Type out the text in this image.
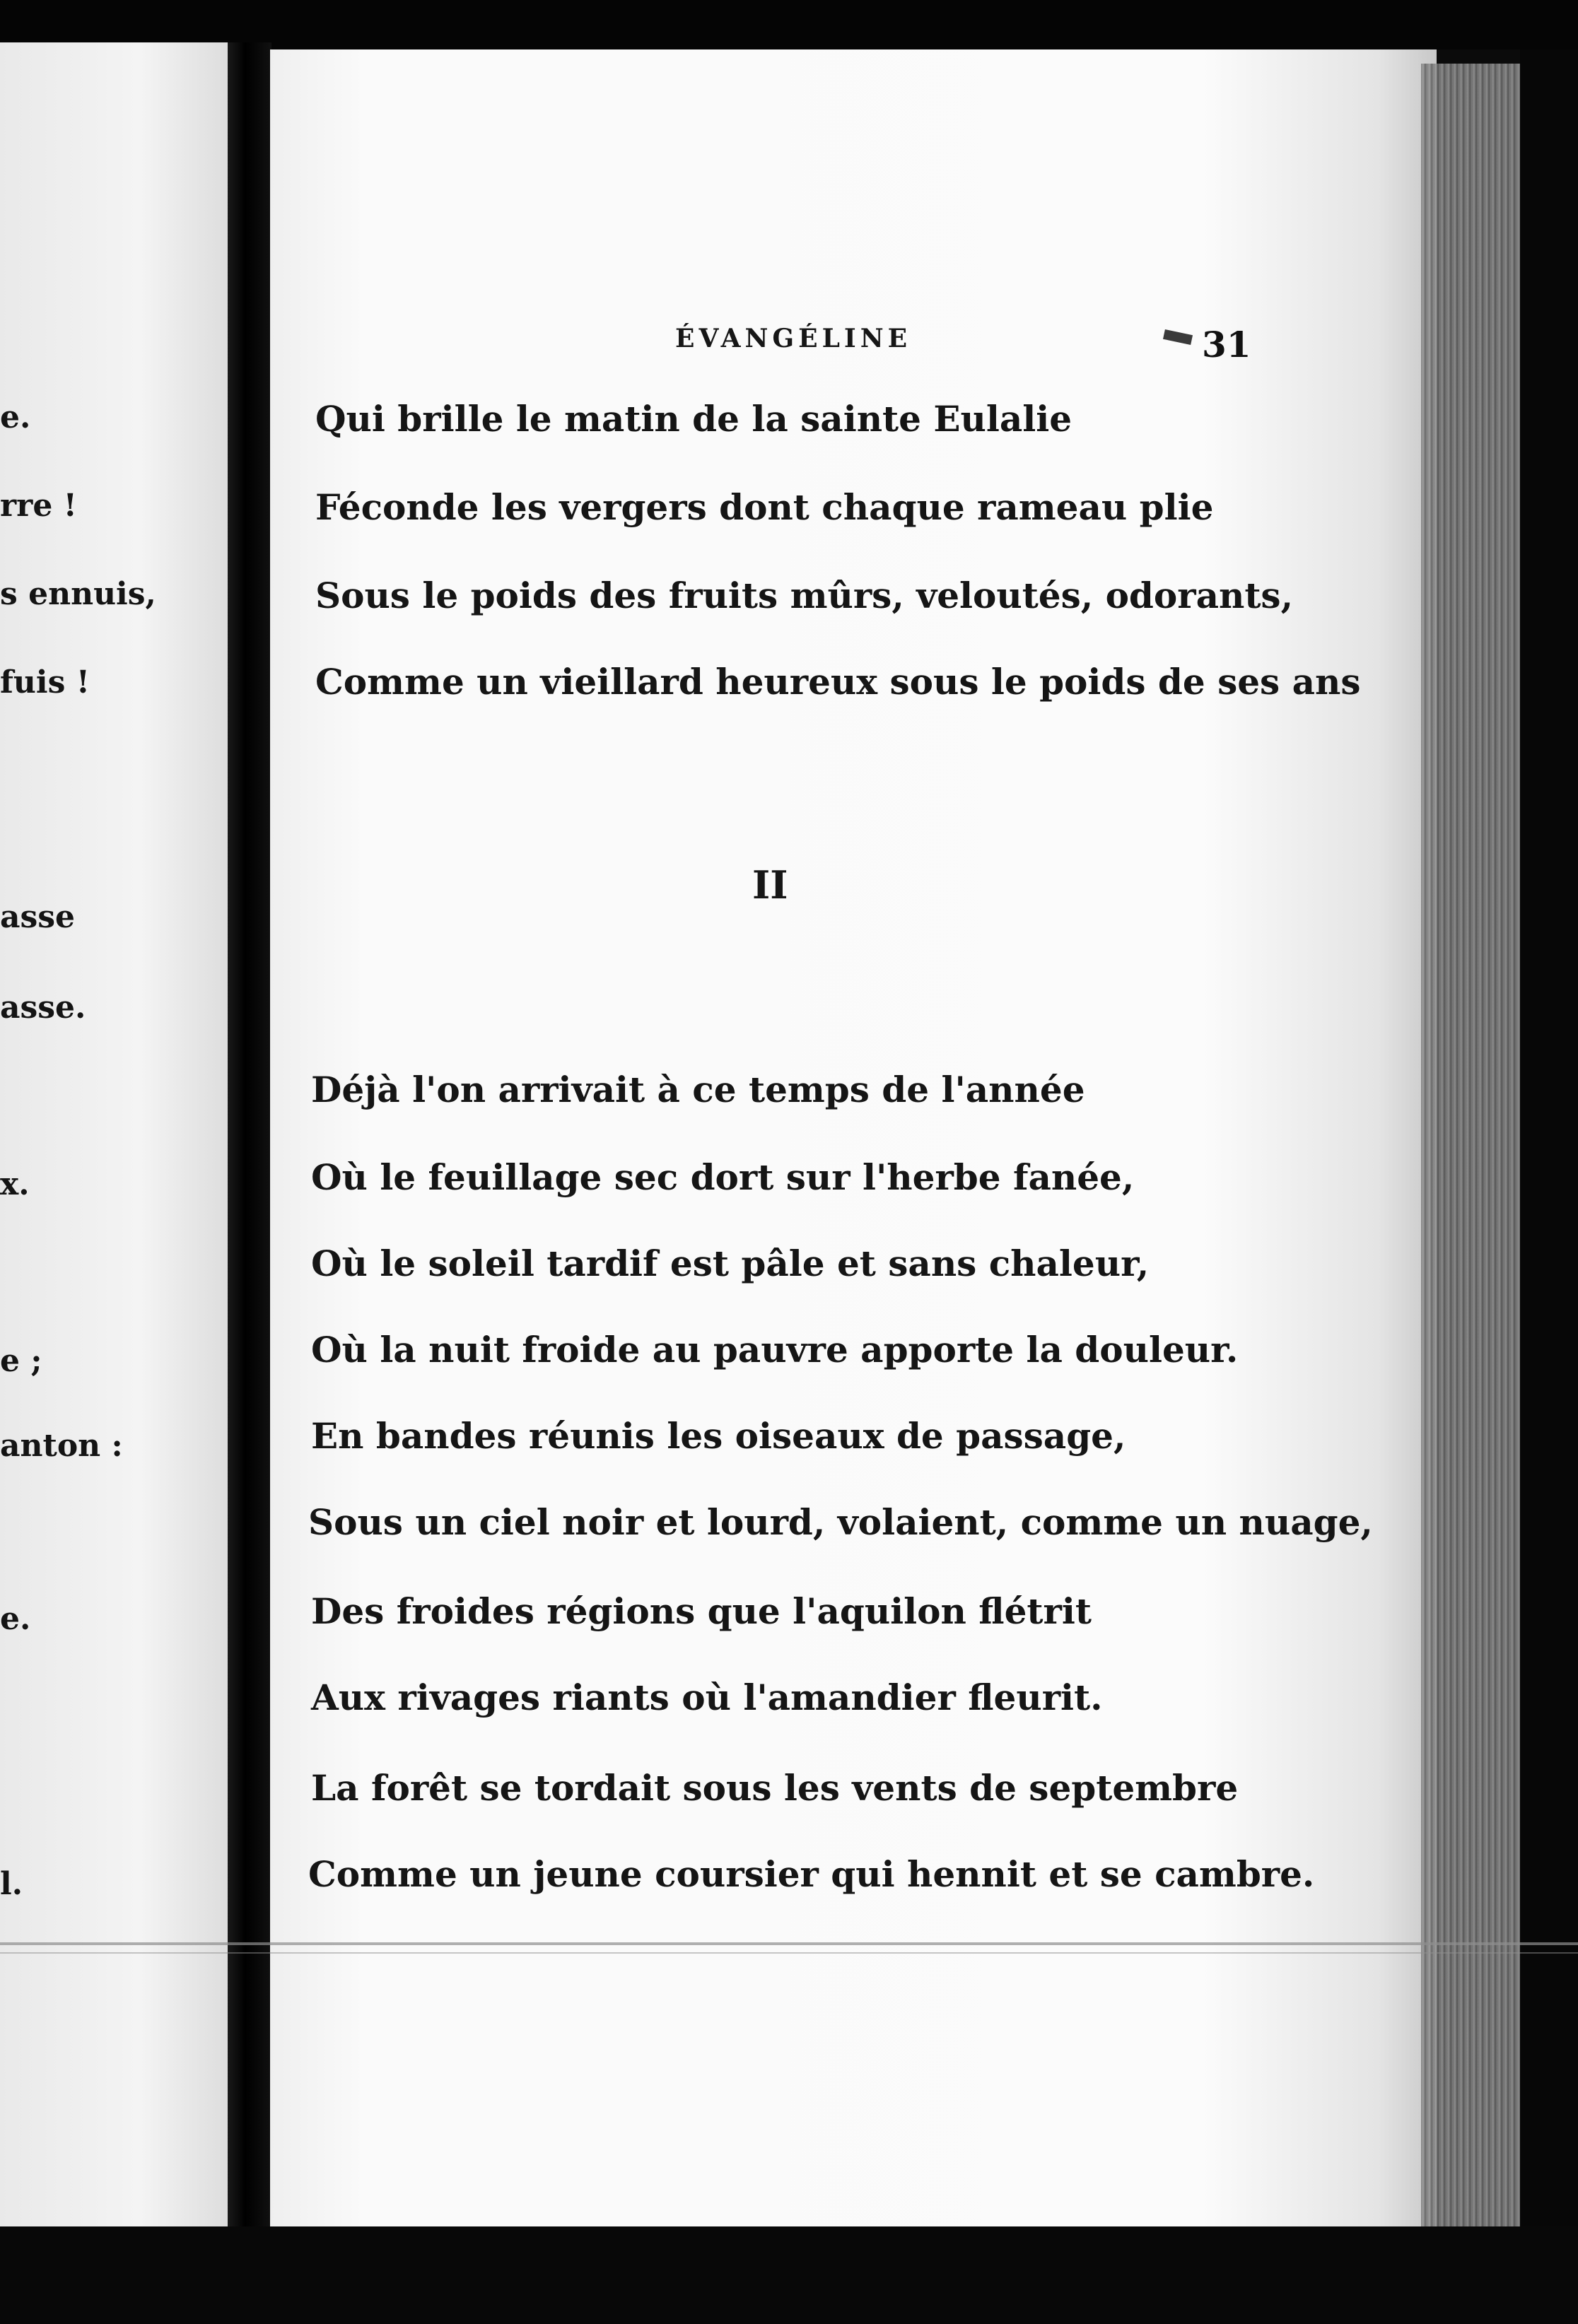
e.
rre !
s ennuis,
fuis !
asse
asse.
x.
e ;
anton :
e.
l.
ÉVANGÉLINE	31
Qui brille le matin de la sainte Eulalie
Féconde les vergers dont chaque rameau plie
Sous le poids des fruits mûrs, veloutés, odorants,
Comme un vieillard heureux sous le poids de ses ans
II
Déjà l'on arrivait à ce temps de l'année
Où le feuillage sec dort sur l'herbe fanée,
Où le soleil tardif est pâle et sans chaleur,
Où la nuit froide au pauvre apporte la douleur.
En bandes réunis les oiseaux de passage,
Sous un ciel noir et lourd, volaient, comme un nuage,
Des froides régions que l'aquilon flétrit
Aux rivages riants où l'amandier fleurit.
La forêt se tordait sous les vents de septembre
Comme un jeune coursier qui hennit et se cambre.
